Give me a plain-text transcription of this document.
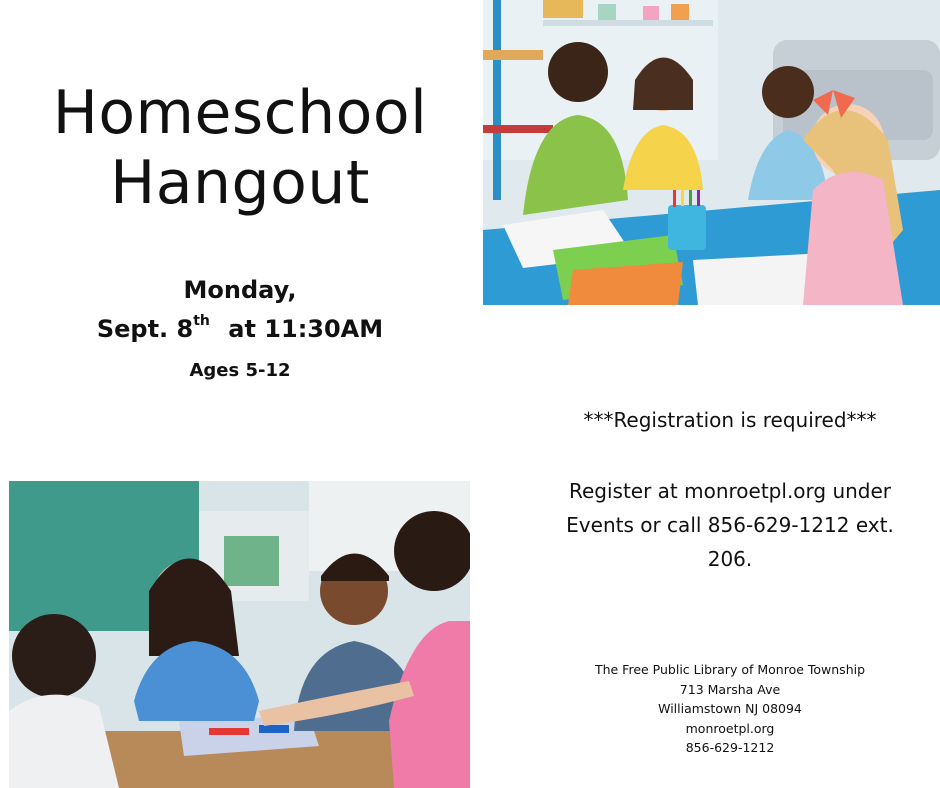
Homeschool
Hangout
Monday,
Sept. 8th at 11:30AM
Ages 5-12
***Registration is required***
Register at monroetpl.org under Events or call 856-629-1212 ext. 206.
The Free Public Library of Monroe Township
713 Marsha Ave
Williamstown NJ 08094
monroetpl.org
856-629-1212
